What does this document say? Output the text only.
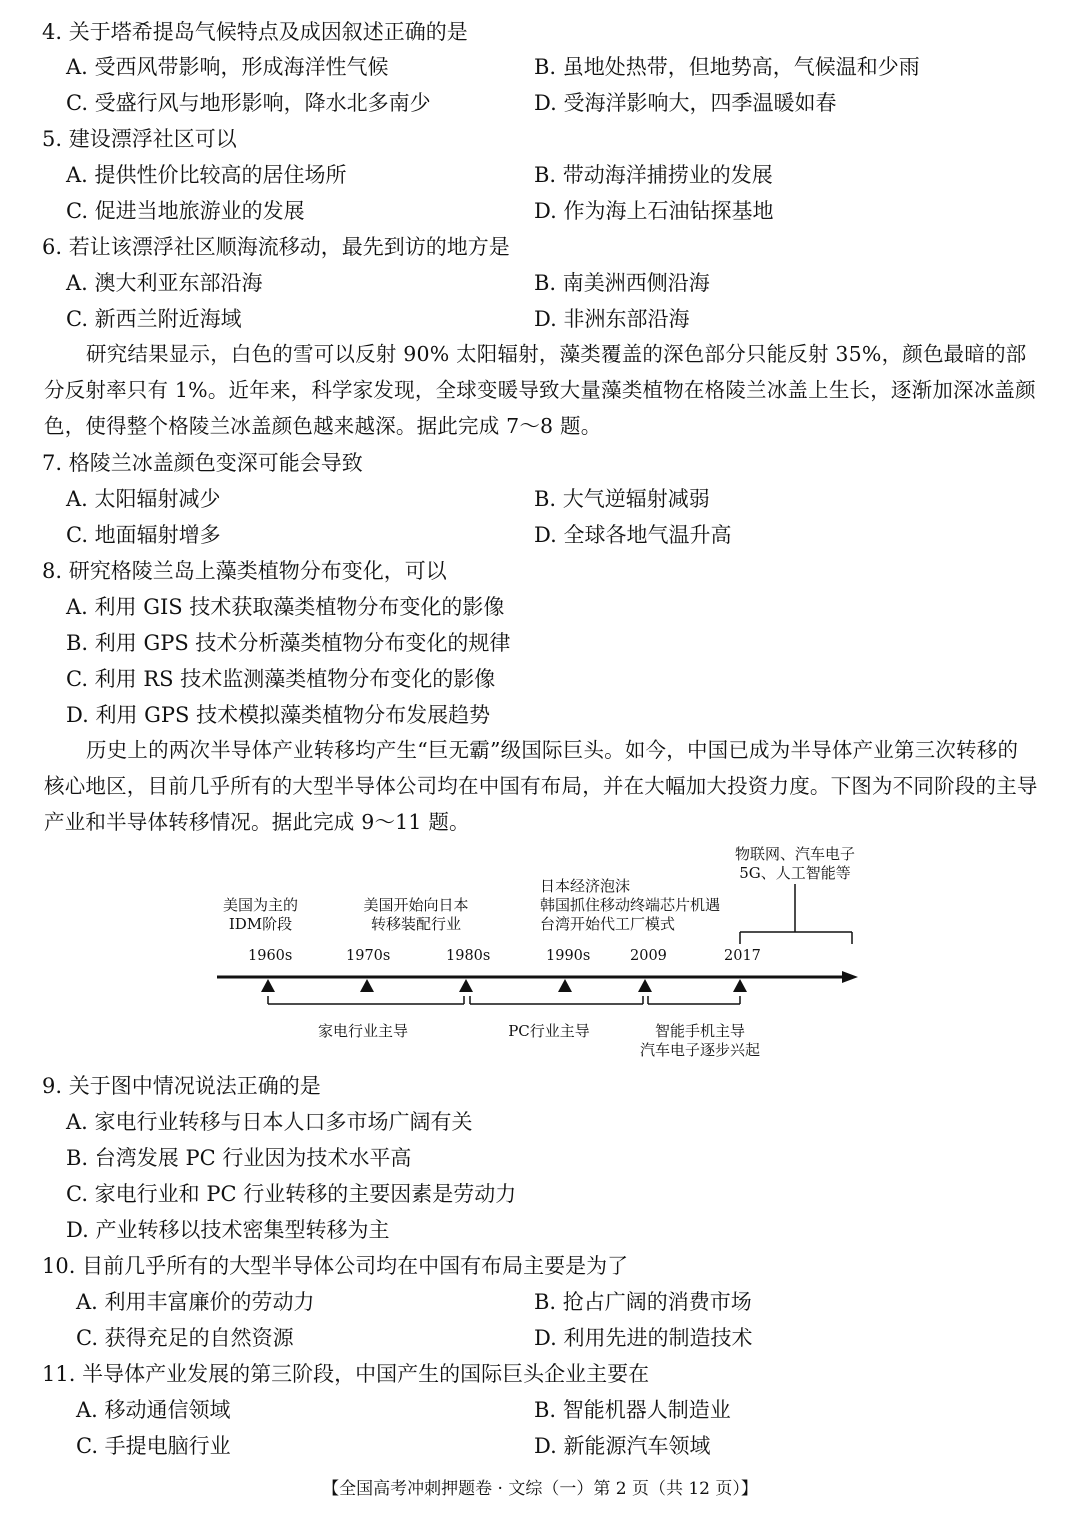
4. 关于塔希提岛气候特点及成因叙述正确的是
A. 受西风带影响，形成海洋性气候	B. 虽地处热带，但地势高，气候温和少雨
C. 受盛行风与地形影响，降水北多南少	D. 受海洋影响大，四季温暖如春
5. 建设漂浮社区可以
A. 提供性价比较高的居住场所	B. 带动海洋捕捞业的发展
C. 促进当地旅游业的发展	D. 作为海上石油钻探基地
6. 若让该漂浮社区顺海流移动，最先到访的地方是
A. 澳大利亚东部沿海	B. 南美洲西侧沿海
C. 新西兰附近海域	D. 非洲东部沿海
研究结果显示，白色的雪可以反射 90% 太阳辐射，藻类覆盖的深色部分只能反射 35%，颜色最暗的部分反射率只有 1%。近年来，科学家发现，全球变暖导致大量藻类植物在格陵兰冰盖上生长，逐渐加深冰盖颜色，使得整个格陵兰冰盖颜色越来越深。据此完成 7～8 题。
7. 格陵兰冰盖颜色变深可能会导致
A. 太阳辐射减少	B. 大气逆辐射减弱
C. 地面辐射增多	D. 全球各地气温升高
8. 研究格陵兰岛上藻类植物分布变化，可以
A. 利用 GIS 技术获取藻类植物分布变化的影像
B. 利用 GPS 技术分析藻类植物分布变化的规律
C. 利用 RS 技术监测藻类植物分布变化的影像
D. 利用 GPS 技术模拟藻类植物分布发展趋势
历史上的两次半导体产业转移均产生“巨无霸”级国际巨头。如今，中国已成为半导体产业第三次转移的核心地区，目前几乎所有的大型半导体公司均在中国有布局，并在大幅加大投资力度。下图为不同阶段的主导产业和半导体转移情况。据此完成 9～11 题。
美国为主的
IDM阶段
美国开始向日本
转移装配行业
日本经济泡沫
韩国抓住移动终端芯片机遇
台湾开始代工厂模式
物联网、汽车电子
5G、人工智能等
1960s	1970s	1980s	1990s	2009	2017
家电行业主导	PC行业主导	智能手机主导
汽车电子逐步兴起
9. 关于图中情况说法正确的是
A. 家电行业转移与日本人口多市场广阔有关
B. 台湾发展 PC 行业因为技术水平高
C. 家电行业和 PC 行业转移的主要因素是劳动力
D. 产业转移以技术密集型转移为主
10. 目前几乎所有的大型半导体公司均在中国有布局主要是为了
A. 利用丰富廉价的劳动力	B. 抢占广阔的消费市场
C. 获得充足的自然资源	D. 利用先进的制造技术
11. 半导体产业发展的第三阶段，中国产生的国际巨头企业主要在
A. 移动通信领域	B. 智能机器人制造业
C. 手提电脑行业	D. 新能源汽车领域
【全国高考冲刺押题卷 · 文综（一）第 2 页（共 12 页）】
